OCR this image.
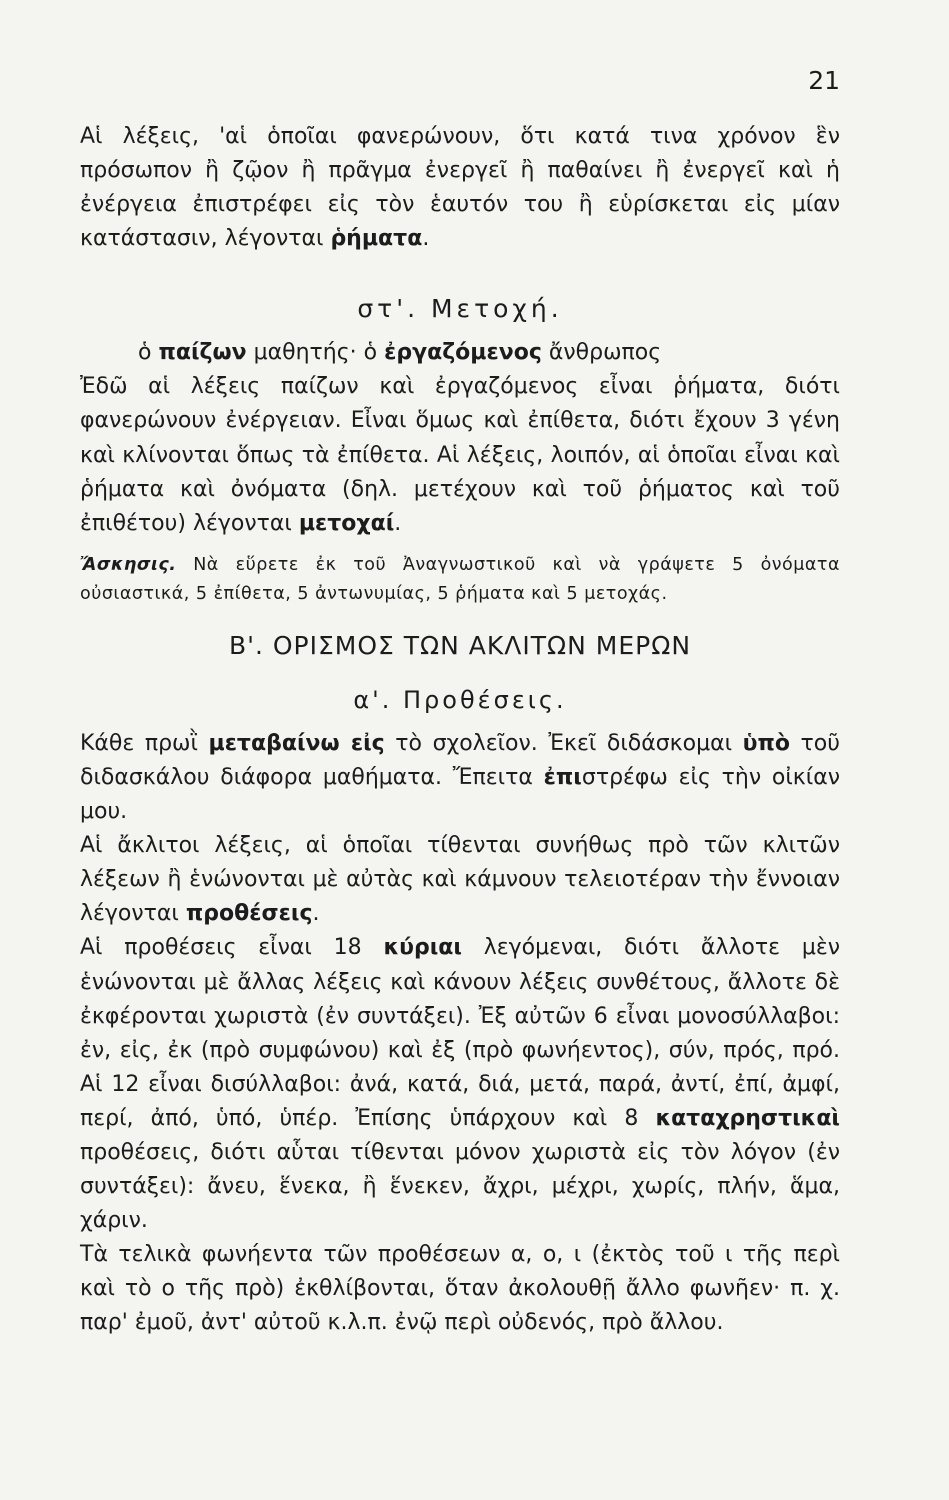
21

Αἱ λέξεις, 'αἱ ὁποῖαι φανερώνουν, ὅτι κατά τινα χρόνον ἓν πρόσωπον ἢ ζῷον ἢ πρᾶγμα ἐνεργεῖ ἢ παθαίνει ἢ ἐνεργεῖ καὶ ἡ ἐνέργεια ἐπιστρέφει εἰς τὸν ἑαυτόν του ἢ εὑρίσκεται εἰς μίαν κατάστασιν, λέγονται ῥήματα.

στ'. Μετοχή.

ὁ παίζων μαθητής· ὁ ἐργαζόμενος ἄνθρωπος

Ἐδῶ αἱ λέξεις παίζων καὶ ἐργαζόμενος εἶναι ῥήματα, διότι φανερώνουν ἐνέργειαν. Εἶναι ὅμως καὶ ἐπίθετα, διότι ἔχουν 3 γένη καὶ κλίνονται ὅπως τὰ ἐπίθετα. Αἱ λέξεις, λοιπόν, αἱ ὁποῖαι εἶναι καὶ ῥήματα καὶ ὀνόματα (δηλ. μετέχουν καὶ τοῦ ῥήματος καὶ τοῦ ἐπιθέτου) λέγονται μετοχαί.

Ἄσκησις. Νὰ εὕρετε ἐκ τοῦ Ἀναγνωστικοῦ καὶ νὰ γράψετε 5 ὀνόματα οὐσιαστικά, 5 ἐπίθετα, 5 ἀντωνυμίας, 5 ῥήματα καὶ 5 μετοχάς.

Β'. ΟΡΙΣΜΟΣ ΤΩΝ ΑΚΛΙΤΩΝ ΜΕΡΩΝ

α'. Προθέσεις.

Κάθε πρωῒ μεταβαίνω εἰς τὸ σχολεῖον. Ἐκεῖ διδάσκομαι ὑπὸ τοῦ διδασκάλου διάφορα μαθήματα. Ἔπειτα ἐπιστρέφω εἰς τὴν οἰκίαν μου.

Αἱ ἄκλιτοι λέξεις, αἱ ὁποῖαι τίθενται συνήθως πρὸ τῶν κλιτῶν λέξεων ἢ ἑνώνονται μὲ αὐτὰς καὶ κάμνουν τελειοτέραν τὴν ἔννοιαν λέγονται προθέσεις.

Αἱ προθέσεις εἶναι 18 κύριαι λεγόμεναι, διότι ἄλλοτε μὲν ἑνώνονται μὲ ἄλλας λέξεις καὶ κάνουν λέξεις συνθέτους, ἄλλοτε δὲ ἐκφέρονται χωριστὰ (ἐν συντάξει). Ἐξ αὐτῶν 6 εἶναι μονοσύλλαβοι: ἐν, εἰς, ἐκ (πρὸ συμφώνου) καὶ ἐξ (πρὸ φωνήεντος), σύν, πρός, πρό. Αἱ 12 εἶναι δισύλλαβοι: ἀνά, κατά, διά, μετά, παρά, ἀντί, ἐπί, ἀμφί, περί, ἀπό, ὑπό, ὑπέρ. Ἐπίσης ὑπάρχουν καὶ 8 καταχρηστικαὶ προθέσεις, διότι αὗται τίθενται μόνον χωριστὰ εἰς τὸν λόγον (ἐν συντάξει): ἄνευ, ἕνεκα, ἢ ἕνεκεν, ἄχρι, μέχρι, χωρίς, πλήν, ἅμα, χάριν.

Τὰ τελικὰ φωνήεντα τῶν προθέσεων α, ο, ι (ἐκτὸς τοῦ ι τῆς περὶ καὶ τὸ ο τῆς πρὸ) ἐκθλίβονται, ὅταν ἀκολουθῇ ἄλλο φωνῆεν· π. χ. παρ' ἐμοῦ, ἀντ' αὐτοῦ κ.λ.π. ἐνῷ περὶ οὐδενός, πρὸ ἄλλου.
